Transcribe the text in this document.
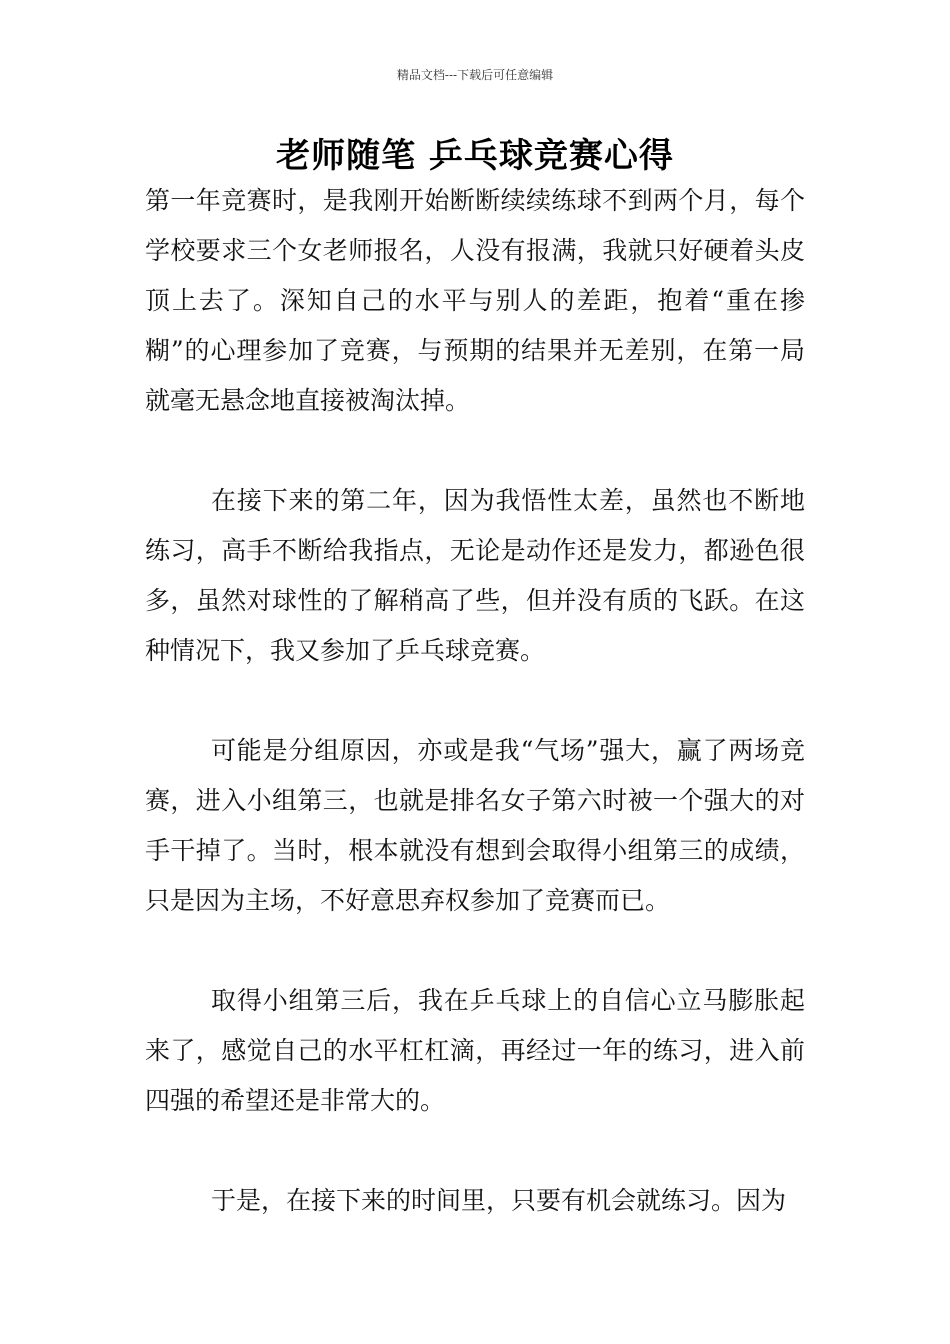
精品文档---下载后可任意编辑
老师随笔 乒乓球竞赛心得

第一年竞赛时，是我刚开始断断续续练球不到两个月，每个学校要求三个女老师报名，人没有报满，我就只好硬着头皮顶上去了。深知自己的水平与别人的差距，抱着“重在掺糊”的心理参加了竞赛，与预期的结果并无差别，在第一局就毫无悬念地直接被淘汰掉。

在接下来的第二年，因为我悟性太差，虽然也不断地练习，高手不断给我指点，无论是动作还是发力，都逊色很多，虽然对球性的了解稍高了些，但并没有质的飞跃。在这种情况下，我又参加了乒乓球竞赛。

可能是分组原因，亦或是我“气场”强大，赢了两场竞赛，进入小组第三，也就是排名女子第六时被一个强大的对手干掉了。当时，根本就没有想到会取得小组第三的成绩，只是因为主场，不好意思弃权参加了竞赛而已。

取得小组第三后，我在乒乓球上的自信心立马膨胀起来了，感觉自己的水平杠杠滴，再经过一年的练习，进入前四强的希望还是非常大的。

于是，在接下来的时间里，只要有机会就练习。因为
